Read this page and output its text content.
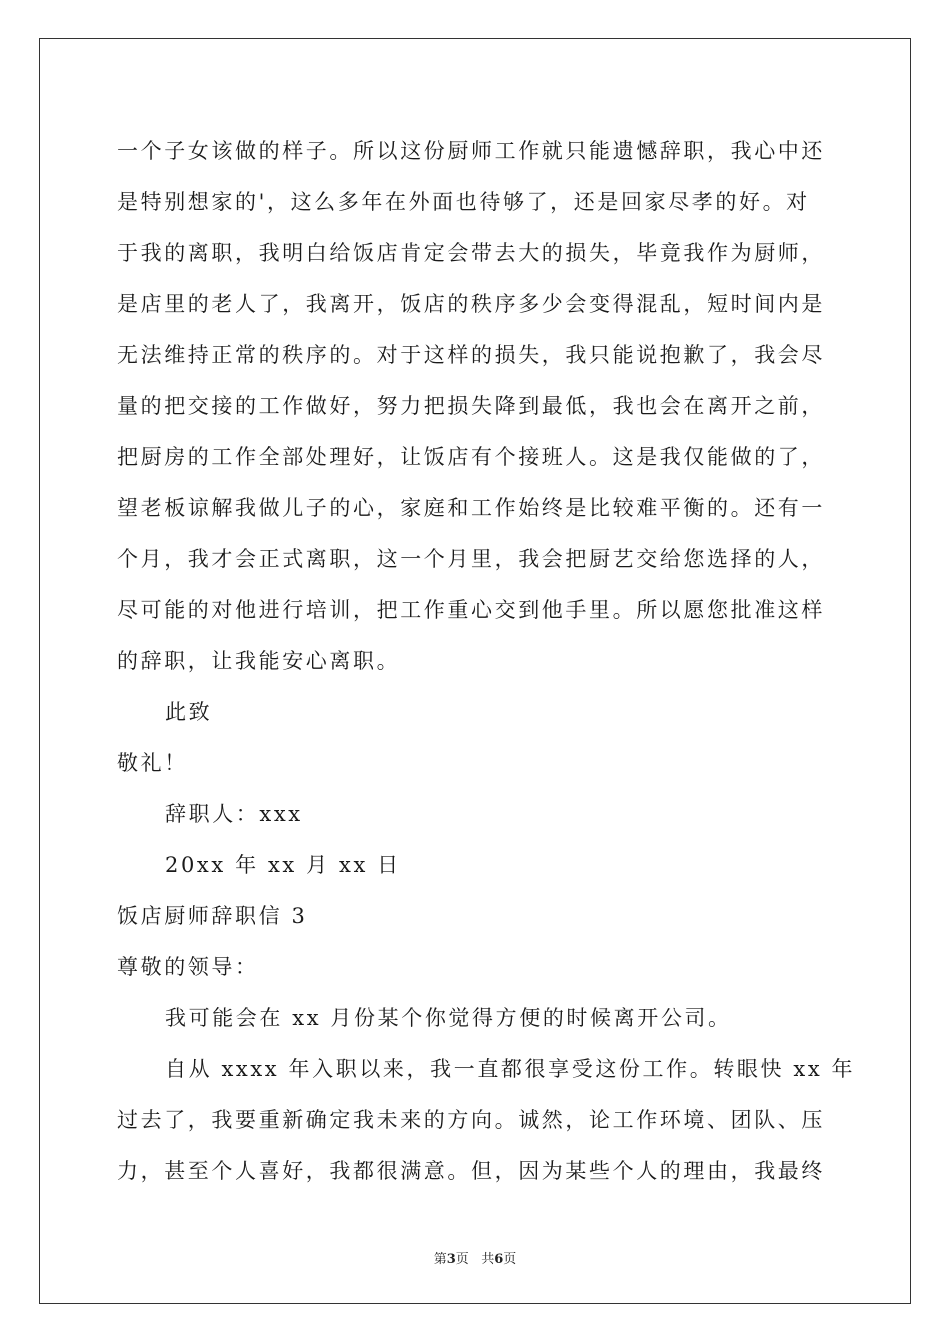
一个子女该做的样子。所以这份厨师工作就只能遗憾辞职，我心中还
是特别想家的'，这么多年在外面也待够了，还是回家尽孝的好。对
于我的离职，我明白给饭店肯定会带去大的损失，毕竟我作为厨师，
是店里的老人了，我离开，饭店的秩序多少会变得混乱，短时间内是
无法维持正常的秩序的。对于这样的损失，我只能说抱歉了，我会尽
量的把交接的工作做好，努力把损失降到最低，我也会在离开之前，
把厨房的工作全部处理好，让饭店有个接班人。这是我仅能做的了，
望老板谅解我做儿子的心，家庭和工作始终是比较难平衡的。还有一
个月，我才会正式离职，这一个月里，我会把厨艺交给您选择的人，
尽可能的对他进行培训，把工作重心交到他手里。所以愿您批准这样
的辞职，让我能安心离职。
此致
敬礼！
辞职人：xxx
20xx 年 xx 月 xx 日
饭店厨师辞职信 3
尊敬的领导：
我可能会在 xx 月份某个你觉得方便的时候离开公司。
自从 xxxx 年入职以来，我一直都很享受这份工作。转眼快 xx 年
过去了，我要重新确定我未来的方向。诚然，论工作环境、团队、压
力，甚至个人喜好，我都很满意。但，因为某些个人的理由，我最终
第3页 共6页
